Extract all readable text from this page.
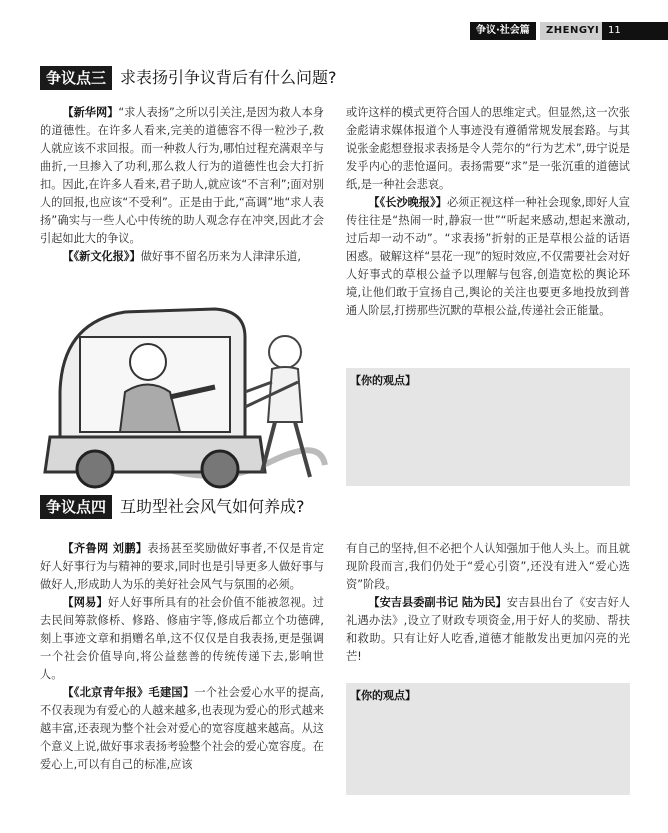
争议·社会篇	ZHENGYI 11
争议点三 求表扬引争议背后有什么问题?

【新华网】“求人表扬”之所以引关注,是因为救人本身的道德性。在许多人看来,完美的道德容不得一粒沙子,救人就应该不求回报。而一种救人行为,哪怕过程充满艰辛与曲折,一旦掺入了功利,那么救人行为的道德性也会大打折扣。因此,在许多人看来,君子助人,就应该“不言利”;面对别人的回报,也应该“不受利”。正是由于此,“高调”地“求人表扬”确实与一些人心中传统的助人观念存在冲突,因此才会引起如此大的争议。

【《新文化报》】做好事不留名历来为人津津乐道,

或许这样的模式更符合国人的思维定式。但显然,这一次张金彪请求媒体报道个人事迹没有遵循常规发展套路。与其说张金彪想登报求表扬是令人莞尔的“行为艺术”,毋宁说是发乎内心的悲怆逼问。表扬需要“求”是一张沉重的道德试纸,是一种社会悲哀。

【《长沙晚报》】必须正视这样一种社会现象,即好人宣传往往是“热闹一时,静寂一世”“听起来感动,想起来激动,过后却一动不动”。“求表扬”折射的正是草根公益的话语困惑。破解这样“昙花一现”的短时效应,不仅需要社会对好人好事式的草根公益予以理解与包容,创造宽松的舆论环境,让他们敢于宣扬自己,舆论的关注也要更多地投放到普通人阶层,打捞那些沉默的草根公益,传递社会正能量。

【你的观点】
争议点四 互助型社会风气如何养成?

【齐鲁网 刘鹏】表扬甚至奖励做好事者,不仅是肯定好人好事行为与精神的要求,同时也是引导更多人做好事与做好人,形成助人为乐的美好社会风气与氛围的必须。

【网易】好人好事所具有的社会价值不能被忽视。过去民间筹款修桥、修路、修庙宇等,修成后都立个功德碑,刻上事迹文章和捐赠名单,这不仅仅是自我表扬,更是强调一个社会价值导向,将公益慈善的传统传递下去,影响世人。

【《北京青年报》毛建国】一个社会爱心水平的提高,不仅表现为有爱心的人越来越多,也表现为爱心的形式越来越丰富,还表现为整个社会对爱心的宽容度越来越高。从这个意义上说,做好事求表扬考验整个社会的爱心宽容度。在爱心上,可以有自己的标准,应该

有自己的坚持,但不必把个人认知强加于他人头上。而且就现阶段而言,我们仍处于“爱心引资”,还没有进入“爱心选资”阶段。

【安吉县委副书记 陆为民】安吉县出台了《安吉好人礼遇办法》,设立了财政专项资金,用于好人的奖励、帮扶和救助。只有让好人吃香,道德才能散发出更加闪亮的光芒!

【你的观点】
